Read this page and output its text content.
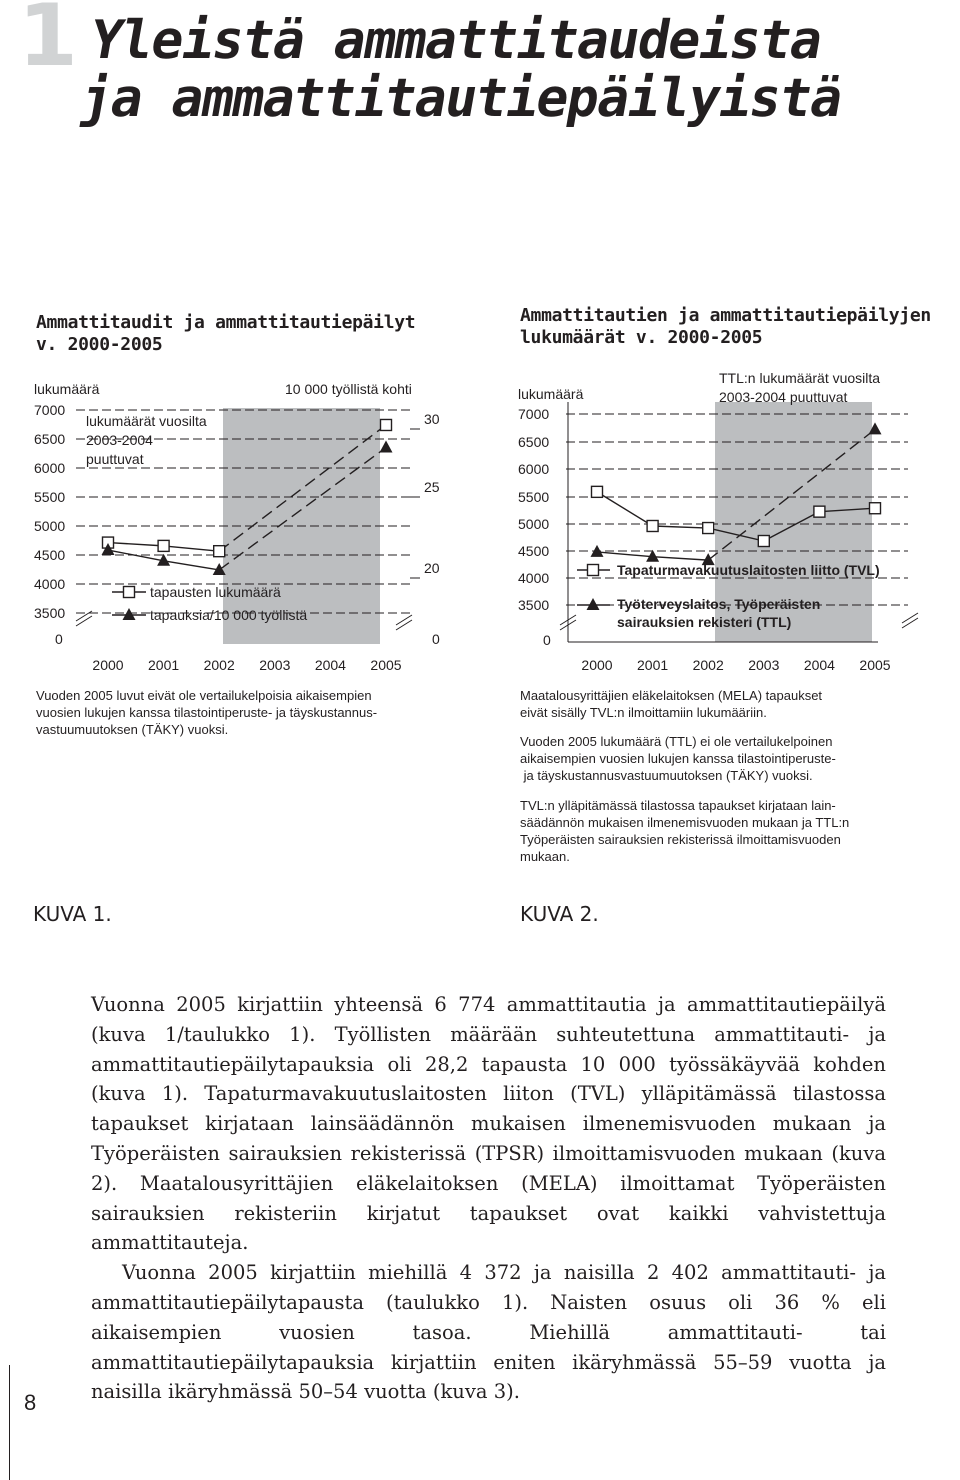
1 Yleistä ammattitaudeista
ja ammattitautiepäilyistä
Ammattitaudit ja ammattitautiepäilyt
v. 2000-2005
Ammattitautien ja ammattitautiepäilyjen
lukumäärät v. 2000-2005
7000
6500
6000
5500
5000
4500
4000
3500
0
30
25
20
0
lukumäärä	10 000 työllistä kohti
lukumäärät vuosilta
2003-2004
puuttuvat
2000 2001 2002 2003 2004 2005
tapausten lukumäärä
tapauksia/10 000 työllistä
7000
6500
6000
5500
5000
4500
4000
3500
0
lukumäärä
TTL:n lukumäärät vuosilta
2003-2004 puuttuvat
2000 2001 2002 2003 2004 2005
Tapaturmavakuutuslaitosten liitto (TVL)
Työterveyslaitos, Työperäisten
sairauksien rekisteri (TTL)
Vuoden 2005 luvut eivät ole vertailukelpoisia aikaisempien
vuosien lukujen kanssa tilastointiperuste- ja täyskustannus-
vastuumuutoksen (TÄKY) vuoksi.
Maatalousyrittäjien eläkelaitoksen (MELA) tapaukset
eivät sisälly TVL:n ilmoittamiin lukumääriin.
Vuoden 2005 lukumäärä (TTL) ei ole vertailukelpoinen
aikaisempien vuosien lukujen kanssa tilastointiperuste-
ja täyskustannusvastuumuutoksen (TÄKY) vuoksi.
TVL:n ylläpitämässä tilastossa tapaukset kirjataan lain-
säädännön mukaisen ilmenemisvuoden mukaan ja TTL:n
Työperäisten sairauksien rekisterissä ilmoittamisvuoden
mukaan.
KUVA 1.	KUVA 2.

Vuonna 2005 kirjattiin yhteensä 6 774 ammattitautia ja ammattitautiepäilyä (kuva 1/taulukko 1). Työllisten määrään suhteutettuna ammattitauti- ja ammattitautiepäilytapauksia oli 28,2 tapausta 10 000 työssäkäyvää kohden (kuva 1). Tapaturmavakuutuslaitosten liiton (TVL) ylläpitämässä tilastossa tapaukset kirjataan lainsäädännön mukaisen ilmenemisvuoden mukaan ja Työperäisten sairauksien rekisterissä (TPSR) ilmoittamisvuoden mukaan (kuva 2). Maatalousyrittäjien eläkelaitoksen (MELA) ilmoittamat Työperäisten sairauksien rekisteriin kirjatut tapaukset ovat kaikki vahvistettuja ammattitauteja.

Vuonna 2005 kirjattiin miehillä 4 372 ja naisilla 2 402 ammattitauti- ja ammattitautiepäilytapausta (taulukko 1). Naisten osuus oli 36 % eli aikaisempien vuosien tasoa. Miehillä ammattitauti- tai ammattitautiepäilytapauksia kirjattiin eniten ikäryhmässä 55–59 vuotta ja naisilla ikäryhmässä 50–54 vuotta (kuva 3).

8
